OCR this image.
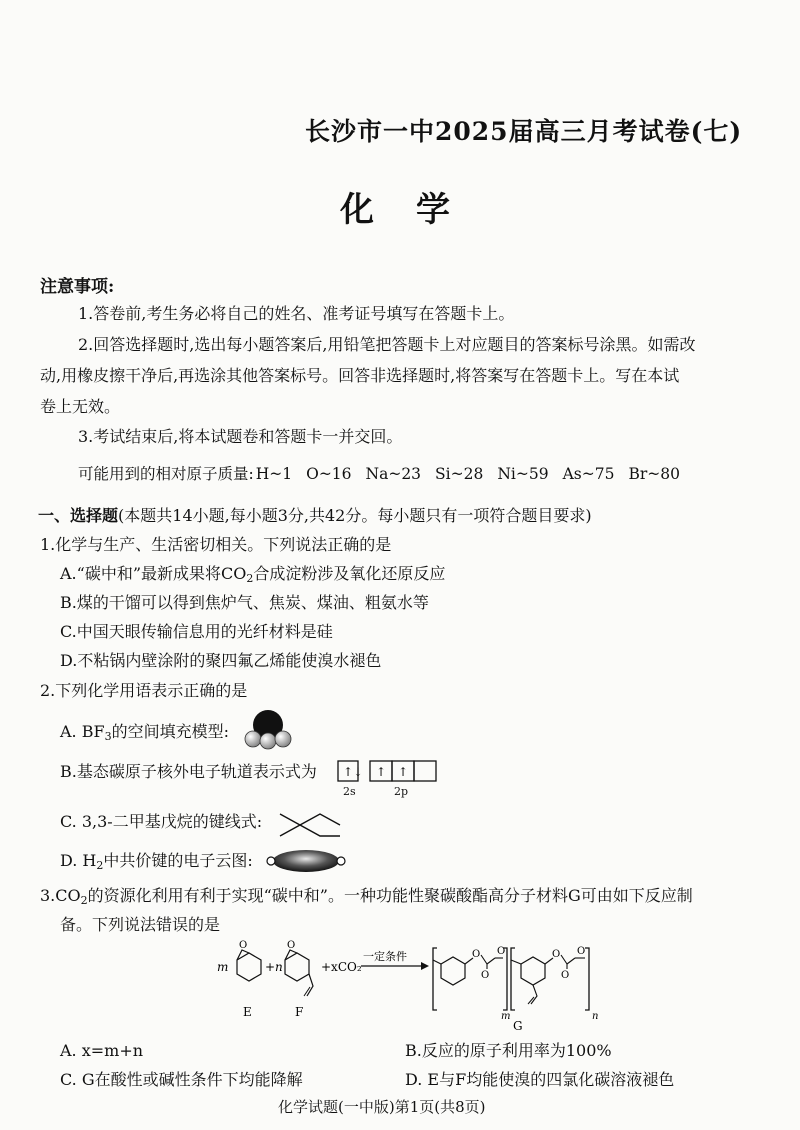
长沙市一中2025届高三月考试卷(七)
化学
注意事项:
1.答卷前,考生务必将自己的姓名、准考证号填写在答题卡上。
2.回答选择题时,选出每小题答案后,用铅笔把答题卡上对应题目的答案标号涂黑。如需改
动,用橡皮擦干净后,再选涂其他答案标号。回答非选择题时,将答案写在答题卡上。写在本试
卷上无效。
3.考试结束后,将本试题卷和答题卡一并交回。
可能用到的相对原子质量: H~1 O~16 Na~23 Si~28 Ni~59 As~75 Br~80
一、选择题(本题共14小题,每小题3分,共42分。每小题只有一项符合题目要求)
1.化学与生产、生活密切相关。下列说法正确的是
A.“碳中和”最新成果将$CO_2$合成淀粉涉及氧化还原反应
B.煤的干馏可以得到焦炉气、焦炭、煤油、粗氨水等
C.中国天眼传输信息用的光纤材料是硅
D.不粘锅内壁涂附的聚四氟乙烯能使溴水褪色
2.下列化学用语表示正确的是
A. $BF_3$的空间填充模型:
B.基态碳原子核外电子轨道表示式为 ↑↓ ↑ ↑
2s	2p
C. 3,3-二甲基戊烷的键线式:
D. $H_2$中共价键的电子云图:
$3.CO_2$的资源化利用有利于实现“碳中和”。一种功能性聚碳酸酯高分子材料G可由如下反应制
备。下列说法错误的是
m
O
E
+n
O
F
+xCO₂
一定条件	O
O
O
m
O
O
O
n
G
A. x=m+n	B.反应的原子利用率为100%
C. G在酸性或碱性条件下均能降解	D. E与F均能使溴的四氯化碳溶液褪色
化学试题(一中版)第1页(共8页)
